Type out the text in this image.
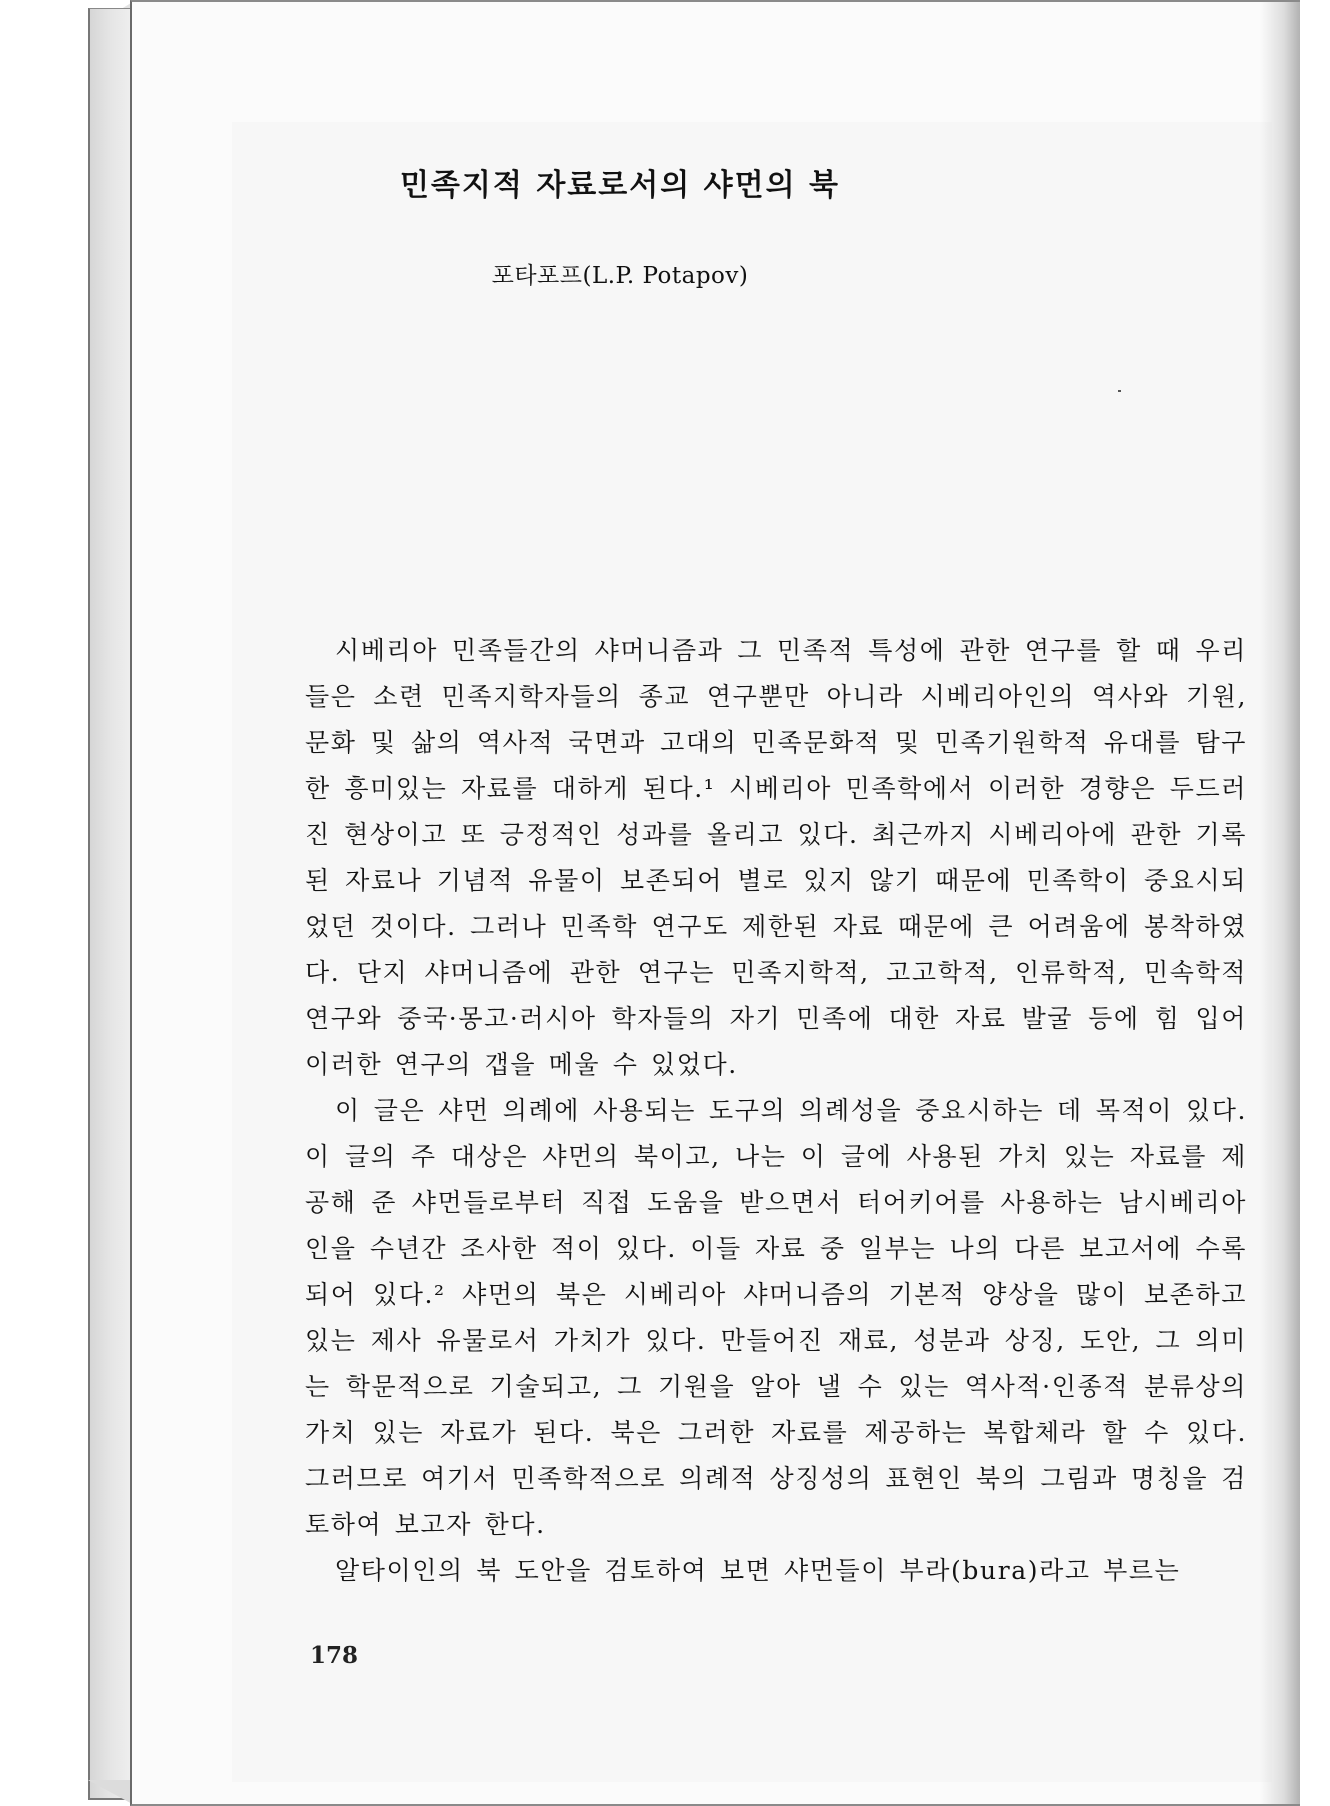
민족지적 자료로서의 샤먼의 북

포타포프(L.P. Potapov)

시베리아 민족들간의 샤머니즘과 그 민족적 특성에 관한 연구를 할 때 우리들은 소련 민족지학자들의 종교 연구뿐만 아니라 시베리아인의 역사와 기원, 문화 및 삶의 역사적 국면과 고대의 민족문화적 및 민족기원학적 유대를 탐구한 흥미있는 자료를 대하게 된다.¹ 시베리아 민족학에서 이러한 경향은 두드러진 현상이고 또 긍정적인 성과를 올리고 있다. 최근까지 시베리아에 관한 기록된 자료나 기념적 유물이 보존되어 별로 있지 않기 때문에 민족학이 중요시되었던 것이다. 그러나 민족학 연구도 제한된 자료 때문에 큰 어려움에 봉착하였다. 단지 샤머니즘에 관한 연구는 민족지학적, 고고학적, 인류학적, 민속학적 연구와 중국·몽고·러시아 학자들의 자기 민족에 대한 자료 발굴 등에 힘 입어 이러한 연구의 갭을 메울 수 있었다.

이 글은 샤먼 의례에 사용되는 도구의 의례성을 중요시하는 데 목적이 있다. 이 글의 주 대상은 샤먼의 북이고, 나는 이 글에 사용된 가치 있는 자료를 제공해 준 샤먼들로부터 직접 도움을 받으면서 터어키어를 사용하는 남시베리아인을 수년간 조사한 적이 있다. 이들 자료 중 일부는 나의 다른 보고서에 수록되어 있다.² 샤먼의 북은 시베리아 샤머니즘의 기본적 양상을 많이 보존하고 있는 제사 유물로서 가치가 있다. 만들어진 재료, 성분과 상징, 도안, 그 의미는 학문적으로 기술되고, 그 기원을 알아 낼 수 있는 역사적·인종적 분류상의 가치 있는 자료가 된다. 북은 그러한 자료를 제공하는 복합체라 할 수 있다. 그러므로 여기서 민족학적으로 의례적 상징성의 표현인 북의 그림과 명칭을 검토하여 보고자 한다.

알타이인의 북 도안을 검토하여 보면 샤먼들이 부라(bura)라고 부르는

178
